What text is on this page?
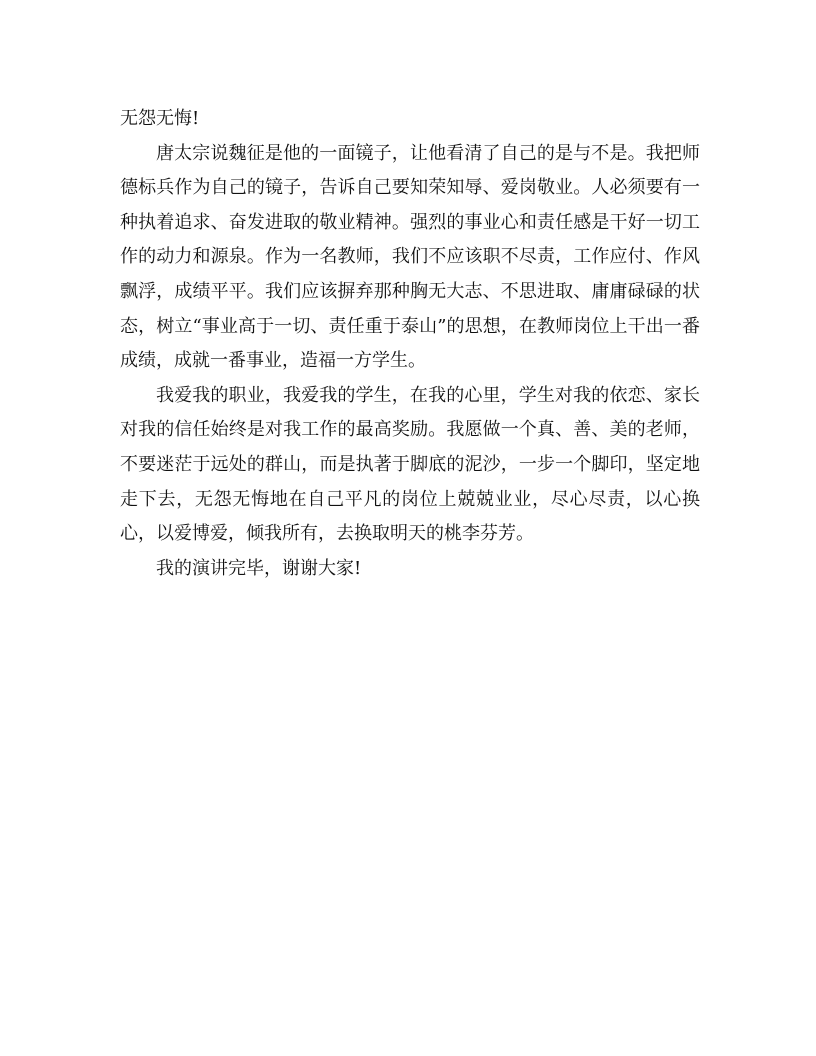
无怨无悔!

唐太宗说魏征是他的一面镜子，让他看清了自己的是与不是。我把师德标兵作为自己的镜子，告诉自己要知荣知辱、爱岗敬业。人必须要有一种执着追求、奋发进取的敬业精神。强烈的事业心和责任感是干好一切工作的动力和源泉。作为一名教师，我们不应该职不尽责，工作应付、作风飘浮，成绩平平。我们应该摒弃那种胸无大志、不思进取、庸庸碌碌的状态，树立“事业高于一切、责任重于泰山”的思想，在教师岗位上干出一番成绩，成就一番事业，造福一方学生。

我爱我的职业，我爱我的学生，在我的心里，学生对我的依恋、家长对我的信任始终是对我工作的最高奖励。我愿做一个真、善、美的老师，不要迷茫于远处的群山，而是执著于脚底的泥沙，一步一个脚印，坚定地走下去，无怨无悔地在自己平凡的岗位上兢兢业业，尽心尽责，以心换心，以爱博爱，倾我所有，去换取明天的桃李芬芳。

我的演讲完毕，谢谢大家!
